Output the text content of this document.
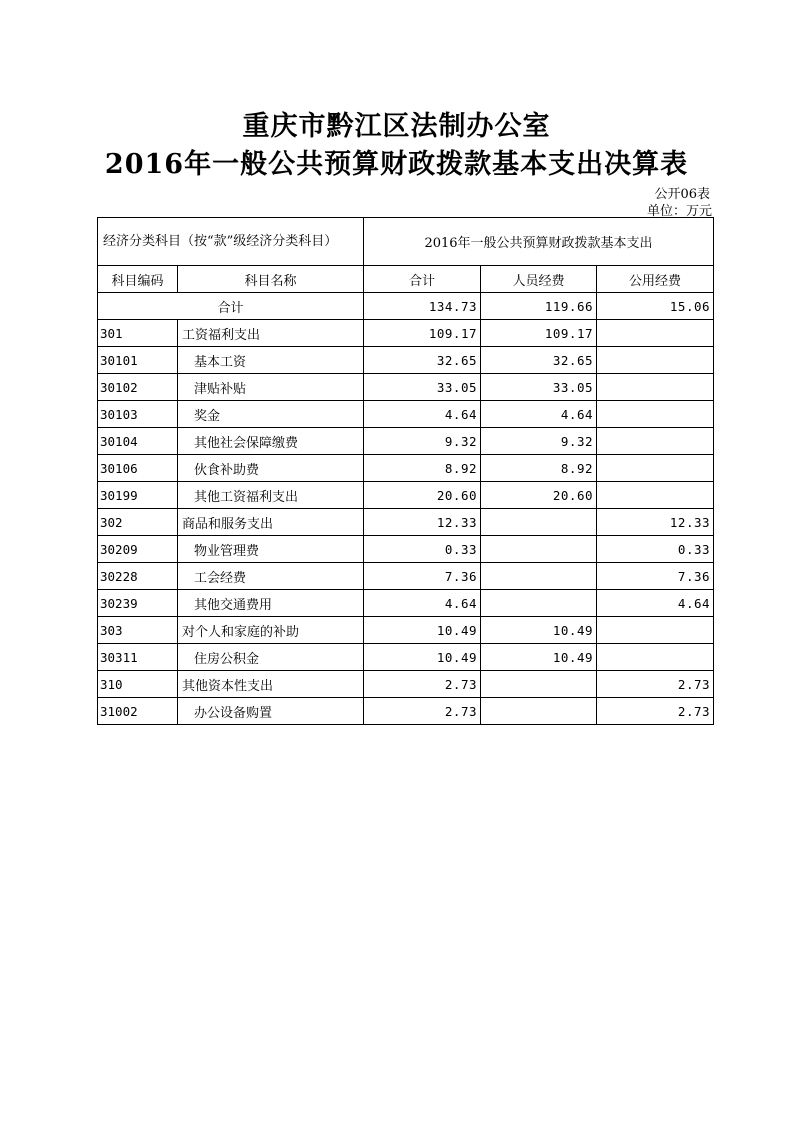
重庆市黔江区法制办公室
2016年一般公共预算财政拨款基本支出决算表
公开06表
单位：万元
经济分类科目（按“款”级经济分类科目）		2016年一般公共预算财政拨款基本支出		
科目编码	科目名称	合计	人员经费	公用经费
合计		134.73	119.66	15.06
301	工资福利支出	109.17	109.17	
30101	基本工资	32.65	32.65	
30102	津贴补贴	33.05	33.05	
30103	奖金	4.64	4.64	
30104	其他社会保障缴费	9.32	9.32	
30106	伙食补助费	8.92	8.92	
30199	其他工资福利支出	20.60	20.60	
302	商品和服务支出	12.33		12.33
30209	物业管理费	0.33		0.33
30228	工会经费	7.36		7.36
30239	其他交通费用	4.64		4.64
303	对个人和家庭的补助	10.49	10.49	
30311	住房公积金	10.49	10.49	
310	其他资本性支出	2.73		2.73
31002	办公设备购置	2.73		2.73
